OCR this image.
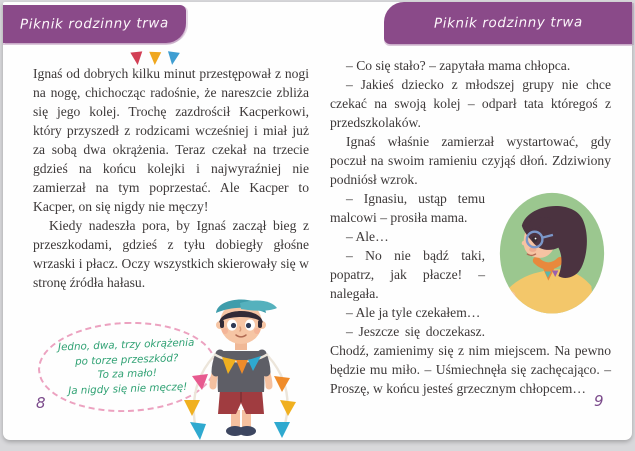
Piknik rodzinny trwa

Ignaś od dobrych kilku minut przestępował z nogi na nogę, chichocząc radośnie, że nareszcie zbliża się jego kolej. Trochę zazdrościł Kacperkowi, który przyszedł z rodzicami wcześniej i miał już za sobą dwa okrążenia. Teraz czekał na trzecie gdzieś na końcu kolejki i najwyraźniej nie zamierzał na tym poprzestać. Ale Kacper to Kacper, on się nigdy nie męczy!

Kiedy nadeszła pora, by Ignaś zaczął bieg z przeszkodami, gdzieś z tyłu dobiegły głośne wrzaski i płacz. Oczy wszystkich skierowały się w stronę źródła hałasu.

Jedno, dwa, trzy okrążenia
po torze przeszkód?
To za mało!
Ja nigdy się nie męczę!
8
Piknik rodzinny trwa

– Co się stało? – zapytała mama chłopca.

– Jakieś dziecko z młodszej grupy nie chce czekać na swoją kolej – odparł tata któregoś z przedszkolaków.

Ignaś właśnie zamierzał wystartować, gdy poczuł na swoim ramieniu czyjąś dłoń. Zdziwiony podniósł wzrok.

– Ignasiu, ustąp temu malcowi – prosiła mama.

– Ale…

– No nie bądź taki, popatrz, jak płacze! – nalegała.

– Ale ja tyle czekałem…

– Jeszcze się doczekasz. Chodź, zamienimy się z nim miejscem. Na pewno będzie mu miło. – Uśmiechnęła się zachęcająco. – Proszę, w końcu jesteś grzecznym chłopcem…

9
